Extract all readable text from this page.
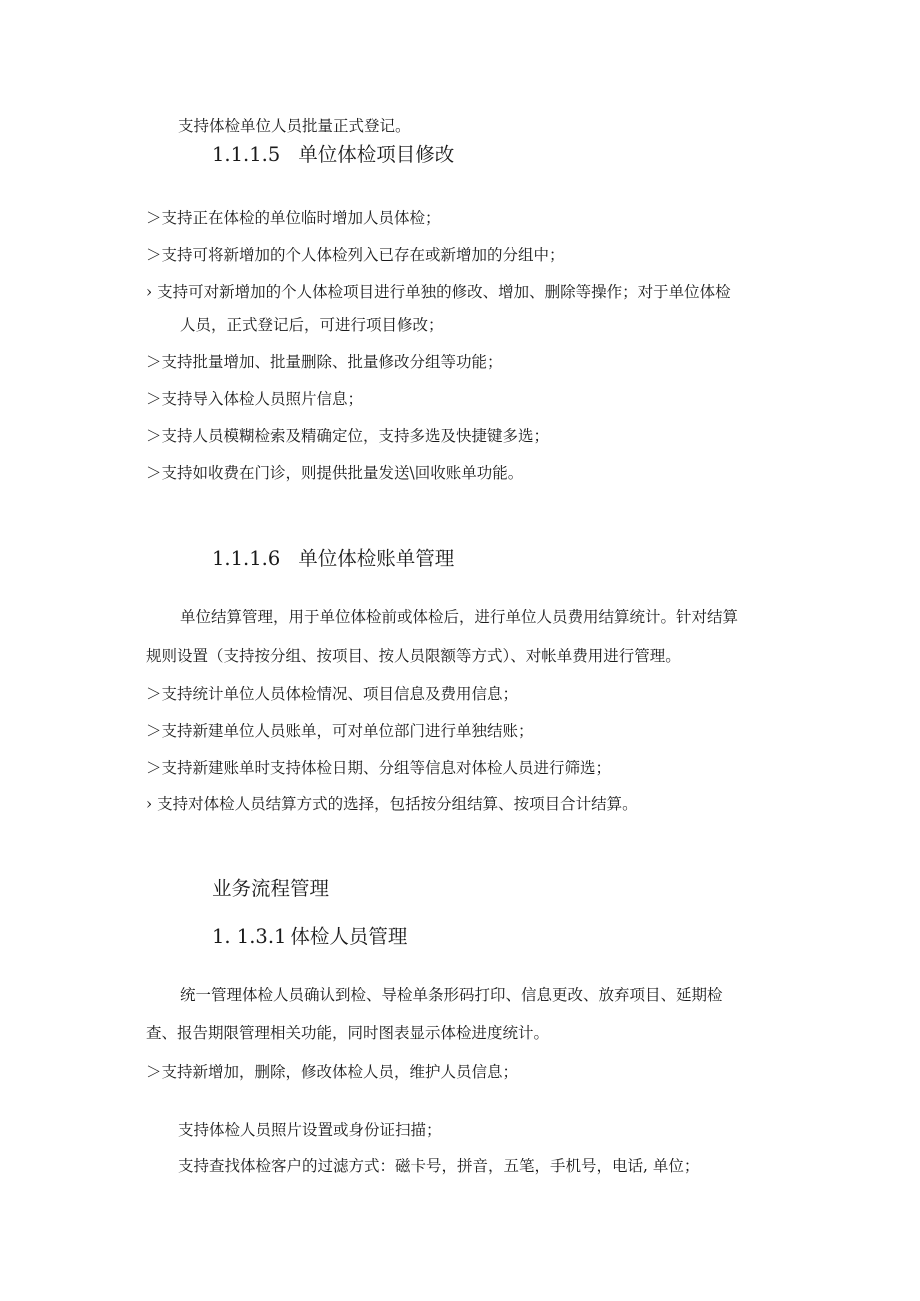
支持体检单位人员批量正式登记。
1.1.1.5 单位体检项目修改
＞支持正在体检的单位临时增加人员体检；
＞支持可将新增加的个人体检列入已存在或新增加的分组中；
› 支持可对新增加的个人体检项目进行单独的修改、增加、删除等操作；对于单位体检
人员，正式登记后，可进行项目修改；
＞支持批量增加、批量删除、批量修改分组等功能；
＞支持导入体检人员照片信息；
＞支持人员模糊检索及精确定位，支持多选及快捷键多选；
＞支持如收费在门诊，则提供批量发送\回收账单功能。
1.1.1.6 单位体检账单管理
单位结算管理，用于单位体检前或体检后，进行单位人员费用结算统计。针对结算
规则设置（支持按分组、按项目、按人员限额等方式）、对帐单费用进行管理。
＞支持统计单位人员体检情况、项目信息及费用信息；
＞支持新建单位人员账单，可对单位部门进行单独结账；
＞支持新建账单时支持体检日期、分组等信息对体检人员进行筛选；
› 支持对体检人员结算方式的选择，包括按分组结算、按项目合计结算。
业务流程管理
1. 1.3.1 体检人员管理
统一管理体检人员确认到检、导检单条形码打印、信息更改、放弃项目、延期检
查、报告期限管理相关功能，同时图表显示体检进度统计。
＞支持新增加，删除，修改体检人员，维护人员信息；
支持体检人员照片设置或身份证扫描；
支持查找体检客户的过滤方式：磁卡号，拼音，五笔，手机号，电话, 单位；
